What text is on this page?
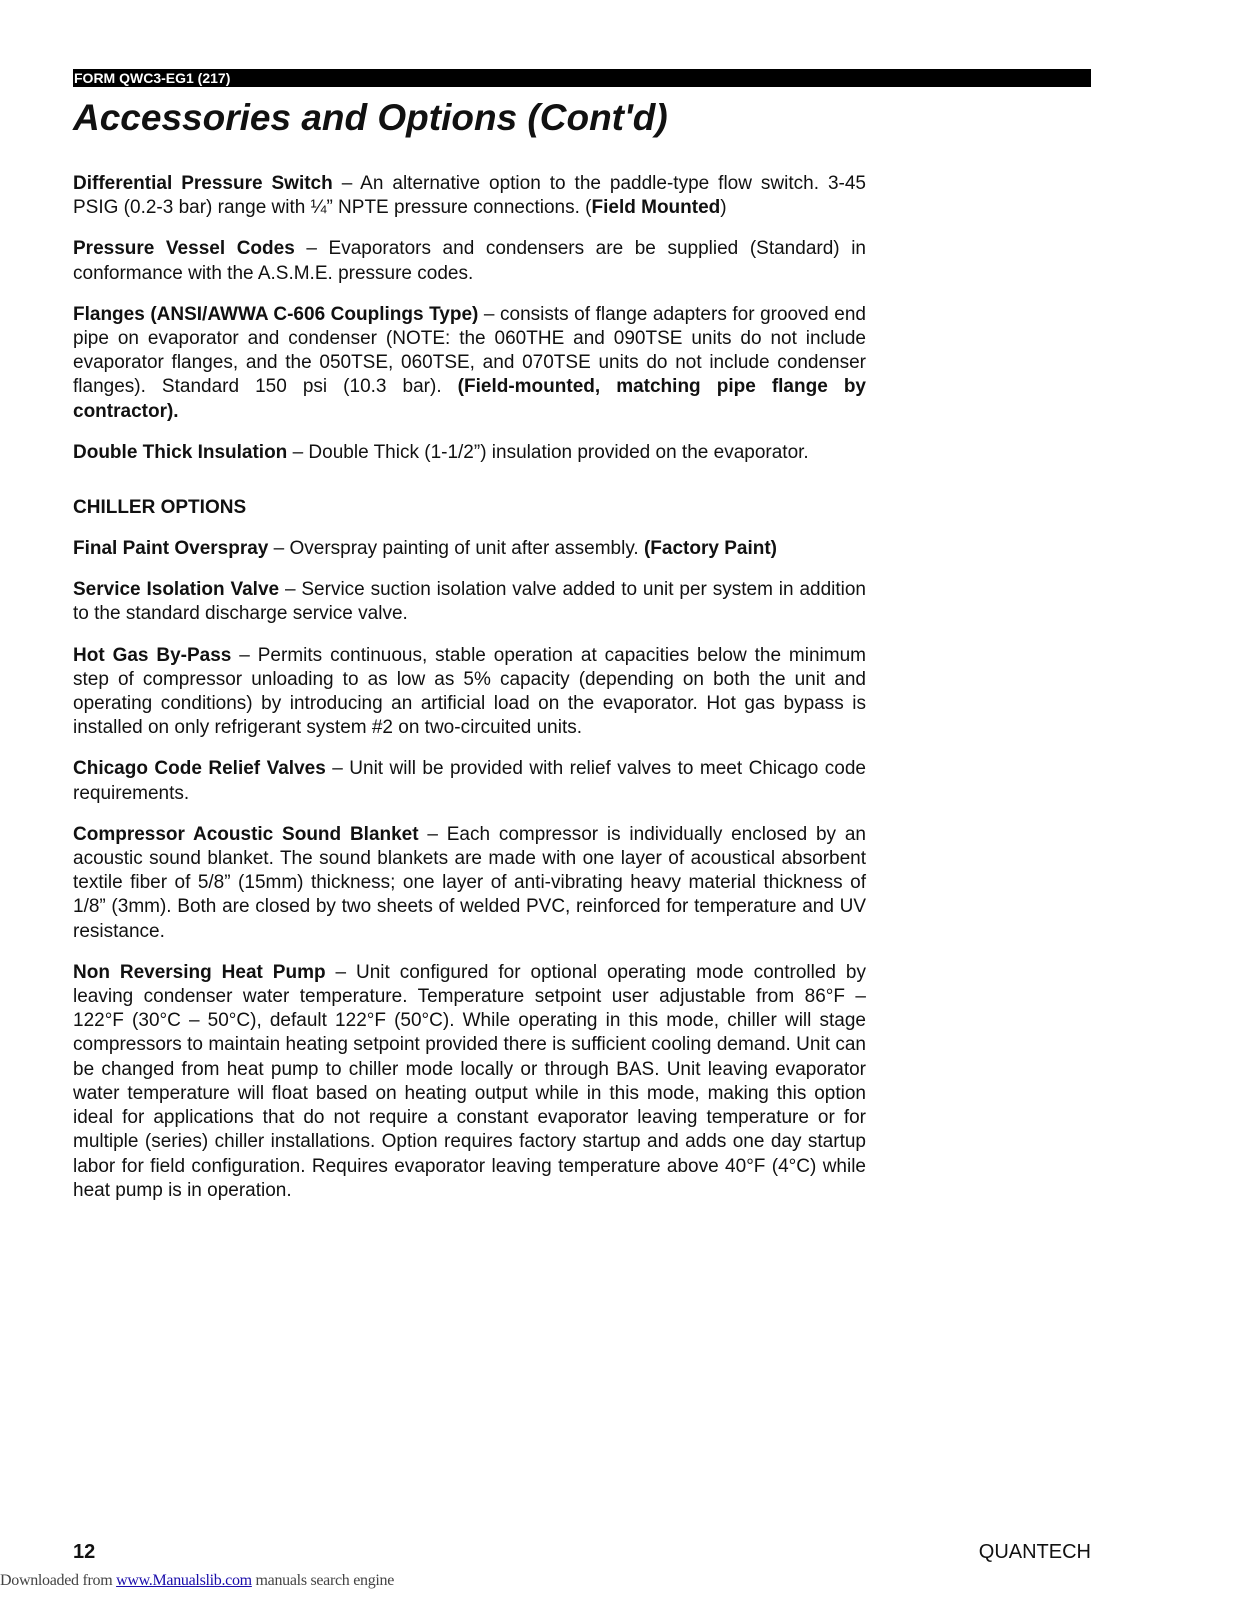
FORM QWC3-EG1 (217)
Accessories and Options (Cont'd)

Differential Pressure Switch – An alternative option to the paddle-type flow switch. 3-45 PSIG (0.2-3 bar) range with ¼” NPTE pressure connections. (Field Mounted)

Pressure Vessel Codes – Evaporators and condensers are be supplied (Standard) in conformance with the A.S.M.E. pressure codes.

Flanges (ANSI/AWWA C-606 Couplings Type) – consists of flange adapters for grooved end pipe on evaporator and condenser (NOTE: the 060THE and 090TSE units do not include evaporator flanges, and the 050TSE, 060TSE, and 070TSE units do not include condenser flanges). Standard 150 psi (10.3 bar). (Field-mounted, matching pipe flange by contractor).

Double Thick Insulation – Double Thick (1-1/2”) insulation provided on the evaporator.

CHILLER OPTIONS

Final Paint Overspray – Overspray painting of unit after assembly. (Factory Paint)

Service Isolation Valve – Service suction isolation valve added to unit per system in addition to the standard discharge service valve.

Hot Gas By-Pass – Permits continuous, stable operation at capacities below the minimum step of compressor unloading to as low as 5% capacity (depending on both the unit and operating conditions) by introducing an artificial load on the evaporator. Hot gas bypass is installed on only refrigerant system #2 on two-circuited units.

Chicago Code Relief Valves – Unit will be provided with relief valves to meet Chicago code requirements.

Compressor Acoustic Sound Blanket – Each compressor is individually enclosed by an acoustic sound blanket. The sound blankets are made with one layer of acoustical absorbent textile fiber of 5/8” (15mm) thickness; one layer of anti-vibrating heavy material thickness of 1/8” (3mm). Both are closed by two sheets of welded PVC, reinforced for temperature and UV resistance.

Non Reversing Heat Pump – Unit configured for optional operating mode controlled by leaving condenser water temperature. Temperature setpoint user adjustable from 86°F – 122°F (30°C – 50°C), default 122°F (50°C). While operating in this mode, chiller will stage compressors to maintain heating setpoint provided there is sufficient cooling demand. Unit can be changed from heat pump to chiller mode locally or through BAS. Unit leaving evaporator water temperature will float based on heating output while in this mode, making this option ideal for applications that do not require a constant evaporator leaving temperature or for multiple (series) chiller installations. Option requires factory startup and adds one day startup labor for field configuration. Requires evaporator leaving temperature above 40°F (4°C) while heat pump is in operation.

12	QUANTECH
Downloaded from www.Manualslib.com manuals search engine
